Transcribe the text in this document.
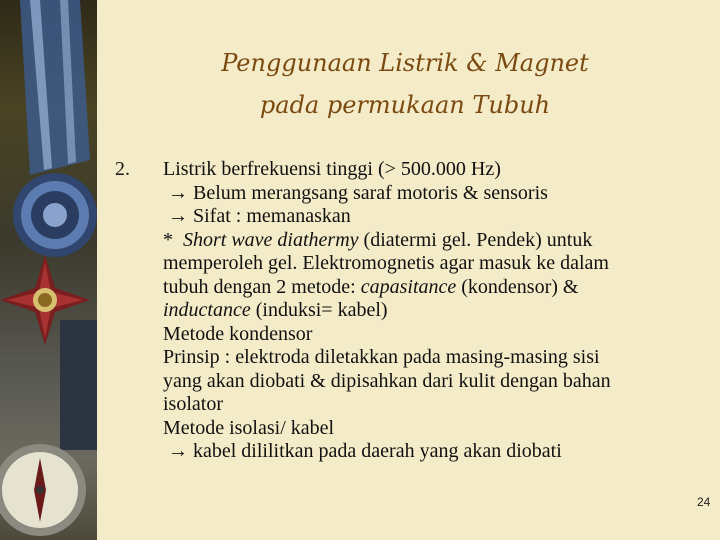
Penggunaan Listrik & Magnet
pada permukaan Tubuh
2. Listrik berfrekuensi tinggi (> 500.000 Hz)
→ Belum merangsang saraf motoris & sensoris
→ Sifat : memanaskan
* Short wave diathermy (diatermi gel. Pendek) untuk
memperoleh gel. Elektromognetis agar masuk ke dalam
tubuh dengan 2 metode: capasitance (kondensor) &
inductance (induksi= kabel)
Metode kondensor
Prinsip : elektroda diletakkan pada masing-masing sisi
yang akan diobati & dipisahkan dari kulit dengan bahan
isolator
Metode isolasi/ kabel
→ kabel dililitkan pada daerah yang akan diobati
24
